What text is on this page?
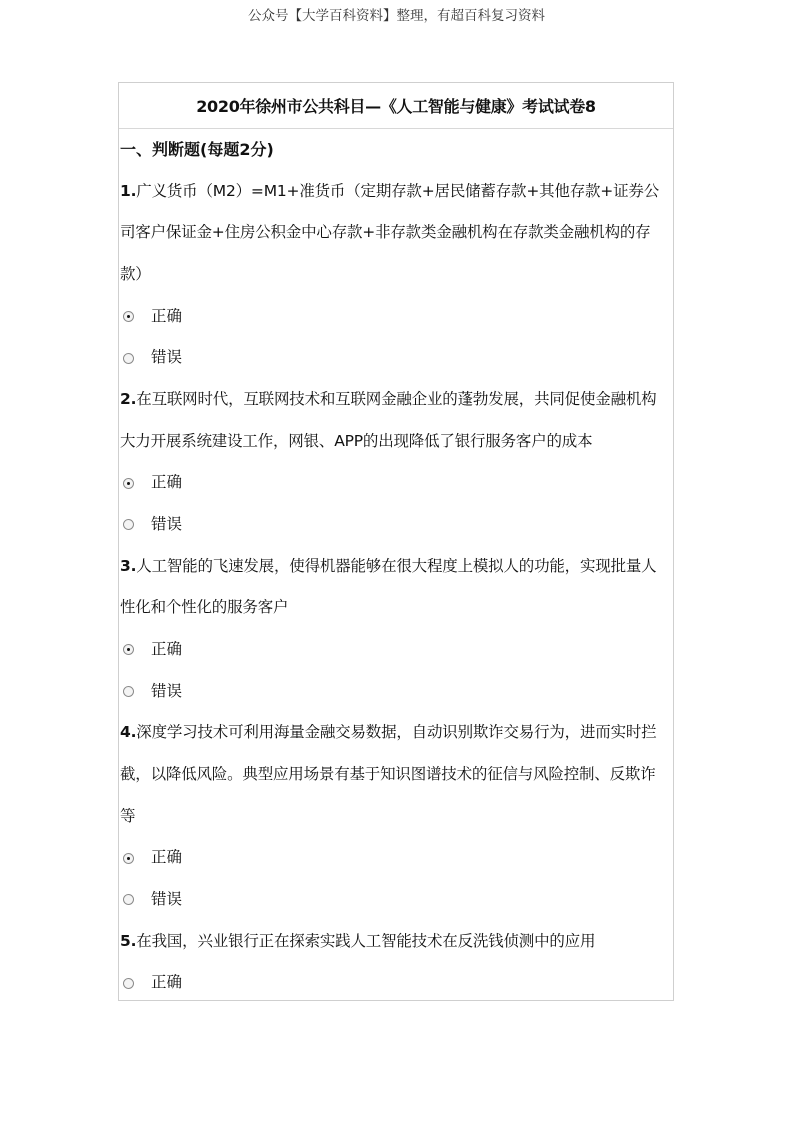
公众号【大学百科资料】整理，有超百科复习资料
2020年徐州市公共科目—《人工智能与健康》考试试卷8
一、判断题(每题2分)
1.广义货币（M2）=M1+准货币（定期存款+居民储蓄存款+其他存款+证券公
司客户保证金+住房公积金中心存款+非存款类金融机构在存款类金融机构的存
款）
正确
错误
2.在互联网时代，互联网技术和互联网金融企业的蓬勃发展，共同促使金融机构
大力开展系统建设工作，网银、APP的出现降低了银行服务客户的成本
正确
错误
3.人工智能的飞速发展，使得机器能够在很大程度上模拟人的功能，实现批量人
性化和个性化的服务客户
正确
错误
4.深度学习技术可利用海量金融交易数据，自动识别欺诈交易行为，进而实时拦
截，以降低风险。典型应用场景有基于知识图谱技术的征信与风险控制、反欺诈
等
正确
错误
5.在我国，兴业银行正在探索实践人工智能技术在反洗钱侦测中的应用
正确
